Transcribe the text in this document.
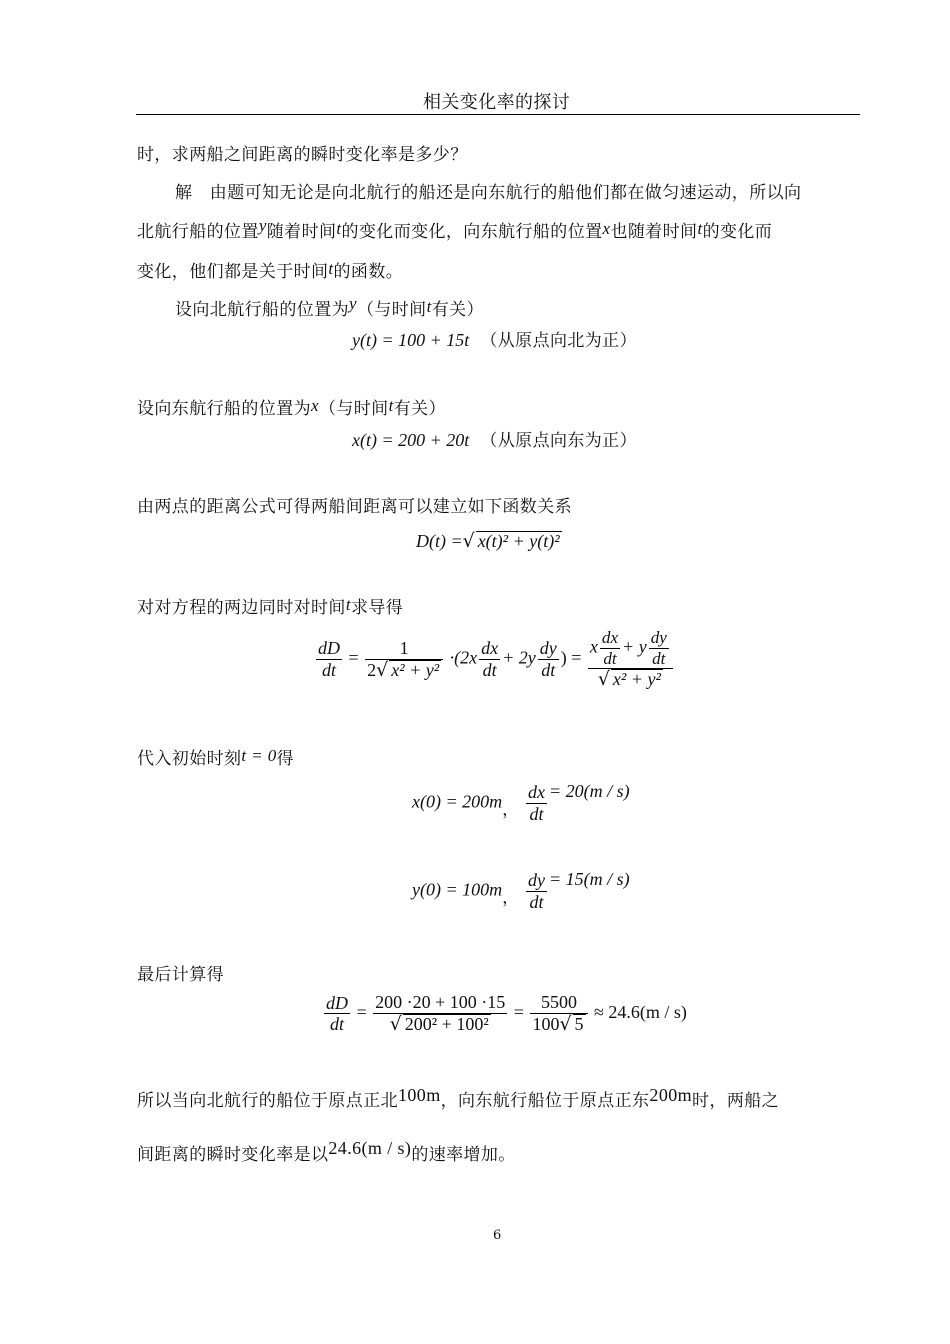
相关变化率的探讨
时，求两船之间距离的瞬时变化率是多少？
解　由题可知无论是向北航行的船还是向东航行的船他们都在做匀速运动，所以向
北航行船的位置y随着时间t的变化而变化，向东航行船的位置x也随着时间t的变化而
变化，他们都是关于时间t的函数。
设向北航行船的位置为y（与时间t有关）
y(t) = 100 + 15t （从原点向北为正）
设向东航行船的位置为x（与时间t有关）
x(t) = 200 + 20t （从原点向东为正）
由两点的距离公式可得两船间距离可以建立如下函数关系
D(t) =√ x(t)² + y(t)²
对对方程的两边同时对时间t求导得
$\frac{dD}{dt} = \frac{1}{\text{2√ x² + y²}} \cdot(2x \frac{dx}{dt} + 2y \frac{dy}{dt}$ ) = $\frac{x \frac{dx}{dt} + y \frac{dy}{dt}}{\text{√ x² + y²}}$
代入初始时刻t = 0得
x(0) = 200m， $\frac{dx}{dt} = 20(m / s)$
y(0) = 100m， $\frac{dy}{dt} = 15(m / s)$
最后计算得
$\frac{dD}{dt} = \frac{200 \cdot 20 + 100 \cdot 15}{\text{√ 200² + 100²}} = \frac{5500}{100√ 5} \approx 24.6(m / s)$
所以当向北航行的船位于原点正北100m，向东航行船位于原点正东200m时，两船之
间距离的瞬时变化率是以24.6(m / s)的速率增加。
6
